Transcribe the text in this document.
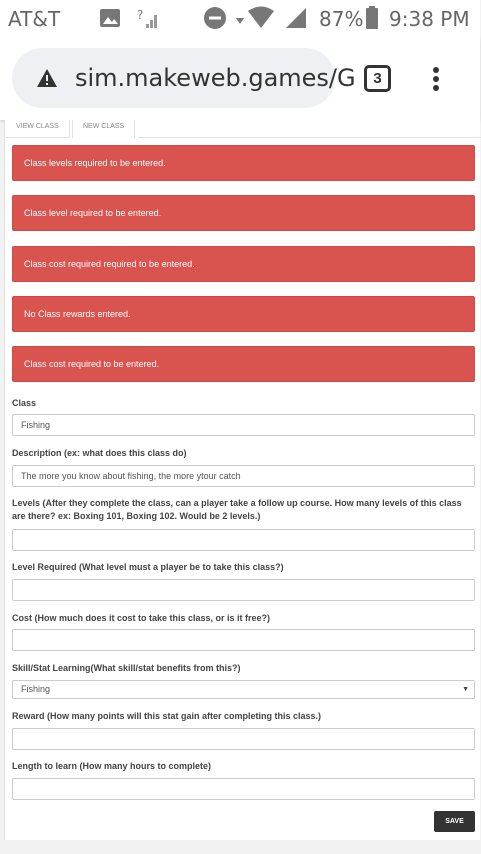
AT&T	?	87% 9:38 PM
sim.makeweb.games/G	3
VIEW CLASS	NEW CLASS
Class levels required to be entered.
Class level required to be entered.
Class cost required required to be entered.
No Class rewards entered.
Class cost required to be entered.
Class
Fishing
Description (ex: what does this class do)
The more you know about fishing, the more ytour catch
Levels (After they complete the class, can a player take a follow up course. How many levels of this class are there? ex: Boxing 101, Boxing 102. Would be 2 levels.)
Level Required (What level must a player be to take this class?)
Cost (How much does it cost to take this class, or is it free?)
Skill/Stat Learning(What skill/stat benefits from this?)
Fishing	▼
Reward (How many points will this stat gain after completing this class.)
Length to learn (How many hours to complete)
SAVE
